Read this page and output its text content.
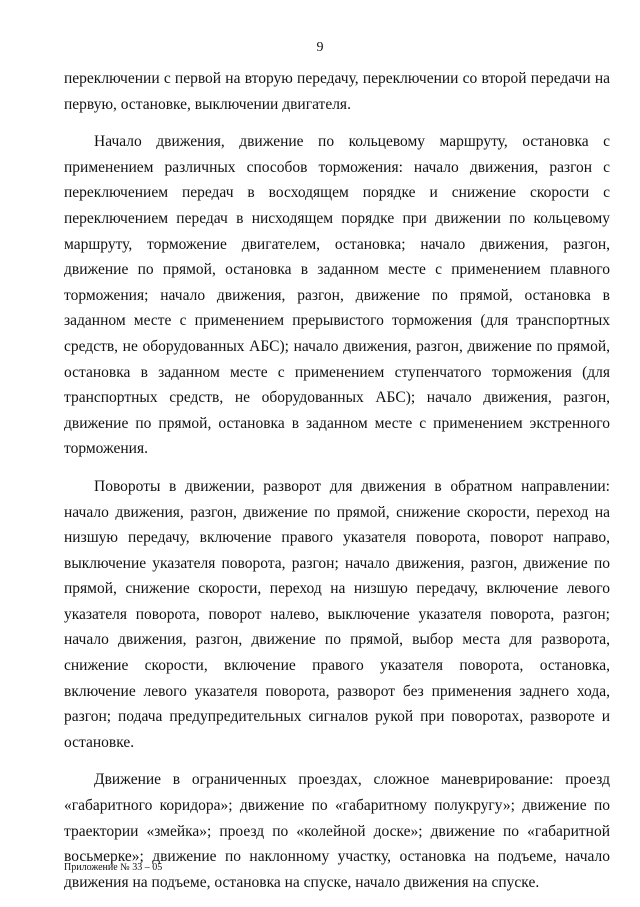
9

переключении с первой на вторую передачу, переключении со второй передачи на первую, остановке, выключении двигателя.

Начало движения, движение по кольцевому маршруту, остановка с применением различных способов торможения: начало движения, разгон с переключением передач в восходящем порядке и снижение скорости с переключением передач в нисходящем порядке при движении по кольцевому маршруту, торможение двигателем, остановка; начало движения, разгон, движение по прямой, остановка в заданном месте с применением плавного торможения; начало движения, разгон, движение по прямой, остановка в заданном месте с применением прерывистого торможения (для транспортных средств, не оборудованных АБС); начало движения, разгон, движение по прямой, остановка в заданном месте с применением ступенчатого торможения (для транспортных средств, не оборудованных АБС); начало движения, разгон, движение по прямой, остановка в заданном месте с применением экстренного торможения.

Повороты в движении, разворот для движения в обратном направлении: начало движения, разгон, движение по прямой, снижение скорости, переход на низшую передачу, включение правого указателя поворота, поворот направо, выключение указателя поворота, разгон; начало движения, разгон, движение по прямой, снижение скорости, переход на низшую передачу, включение левого указателя поворота, поворот налево, выключение указателя поворота, разгон; начало движения, разгон, движение по прямой, выбор места для разворота, снижение скорости, включение правого указателя поворота, остановка, включение левого указателя поворота, разворот без применения заднего хода, разгон; подача предупредительных сигналов рукой при поворотах, развороте и остановке.

Движение в ограниченных проездах, сложное маневрирование: проезд «габаритного коридора»; движение по «габаритному полукругу»; движение по траектории «змейка»; проезд по «колейной доске»; движение по «габаритной восьмерке»; движение по наклонному участку, остановка на подъеме, начало движения на подъеме, остановка на спуске, начало движения на спуске.

Приложение № 33 – 05
